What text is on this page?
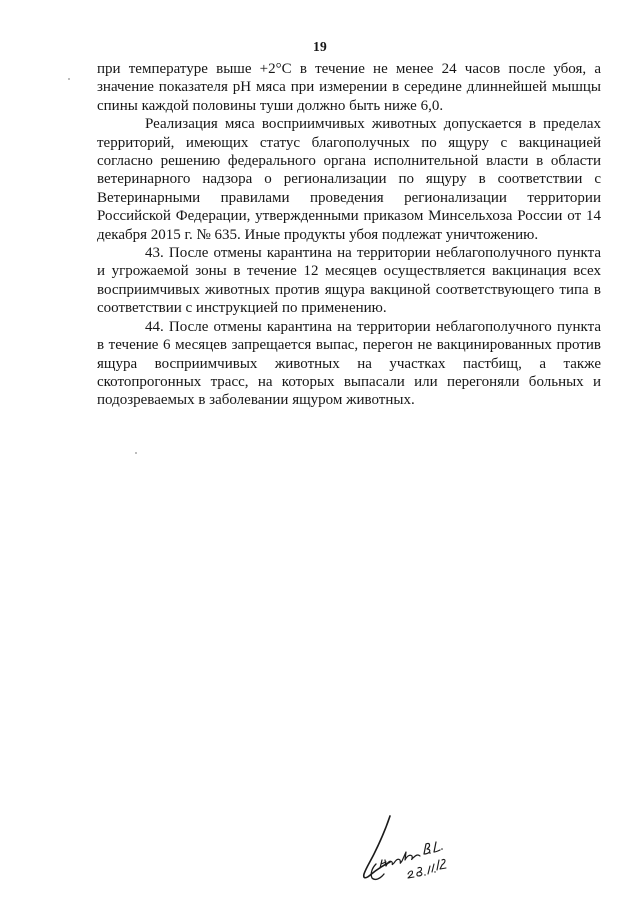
19

при температуре выше +2°С в течение не менее 24 часов после убоя, а значение показателя рН мяса при измерении в середине длиннейшей мышцы спины каждой половины туши должно быть ниже 6,0.

Реализация мяса восприимчивых животных допускается в пределах территорий, имеющих статус благополучных по ящуру с вакцинацией согласно решению федерального органа исполнительной власти в области ветеринарного надзора о регионализации по ящуру в соответствии с Ветеринарными правилами проведения регионализации территории Российской Федерации, утвержденными приказом Минсельхоза России от 14 декабря 2015 г. № 635. Иные продукты убоя подлежат уничтожению.

43. После отмены карантина на территории неблагополучного пункта и угрожаемой зоны в течение 12 месяцев осуществляется вакцинация всех восприимчивых животных против ящура вакциной соответствующего типа в соответствии с инструкцией по применению.

44. После отмены карантина на территории неблагополучного пункта в течение 6 месяцев запрещается выпас, перегон не вакцинированных против ящура восприимчивых животных на участках пастбищ, а также скотопрогонных трасс, на которых выпасали или перегоняли больных и подозреваемых в заболевании ящуром животных.
